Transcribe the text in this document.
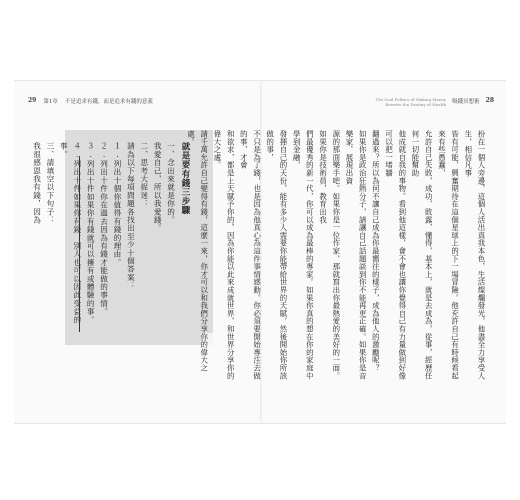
29 第1章 不是追求有錢，而是追求有錢的意義	The Soul Politics of Making Money
Rewrite the Destiny of Wealth 吸錢冥想術 28
就是要有錢三步驟
一、念出來就是你的。
我愛自己，所以我愛錢。
二、思考大捉迷：
請為以下每項問題各找出至少十個答案：
１.列出十個你值得有錢的理由。
２.列出十件你在過去因為有錢才能做的事情。
３.列出十件如果你有錢就可以擁有或體驗的事。
４.列出十件如果你有錢，別人也可以因此受益的事。
三、請填空以下句子：
我很感恩我有錢，因為	扮在一個人旁邊，這個人活出真我本色，生活燦爛發光，他盡全力享受人生，相信凡事
皆有可能，興奮期待在這個星球上的下一場冒險。他充許自己有時候看起來有些愚蠢，
允許自己失敗，成功，敗露，懂得，基本上，就是去成為，從事，經歷任何一切能幫助
他成就自我的事物。看到他這樣，會不會也讓你覺得自己有力量做到好像可以把一堵牆
翻過來？所以為何不讓自己成為你最嚮往的樣子，成為他人的激勵呢？
如果你是政治狂熱分子，請讓自己話題談到你不能再更正確。如果你是音樂家，展現出資
源的那面樂手吧。如果你是一位作家，那就寫出你最熱愛的美好的一面。如果你是技術員，教育出我
們最優秀的新一代，你可以成為最棒的專家。如果你真的想在你的家庭中學到金融，
發揮自己的天份，能有多少人需要你能帶給世界的天賦，然後開始你所該做的事，
不只是為了錢，也是因為他真心為這件事情感動。你必須要開始專注去做的事，才會
和欲求，都是上天賦予你的，因為你能以此來成就世界，和世界分享你的偉大之處。
請千萬允許自己變得有錢，這麼一來，你才可以和我們分享你的偉大之處。
